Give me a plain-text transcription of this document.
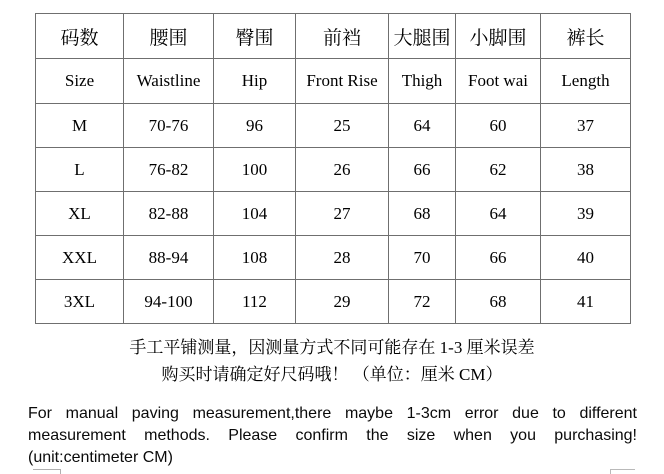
码数	腰围	臀围	前裆	大腿围	小脚围	裤长
Size	Waistline	Hip	Front Rise	Thigh	Foot wai	Length
M	70-76	96	25	64	60	37
L	76-82	100	26	66	62	38
XL	82-88	104	27	68	64	39
XXL	88-94	108	28	70	66	40
3XL	94-100	112	29	72	68	41
手工平铺测量，因测量方式不同可能存在 1-3 厘米误差
购买时请确定好尺码哦！ （单位：厘米 CM）
For manual paving measurement,there maybe 1-3cm error due to different
measurement methods. Please confirm the size when you purchasing!
(unit:centimeter CM)
